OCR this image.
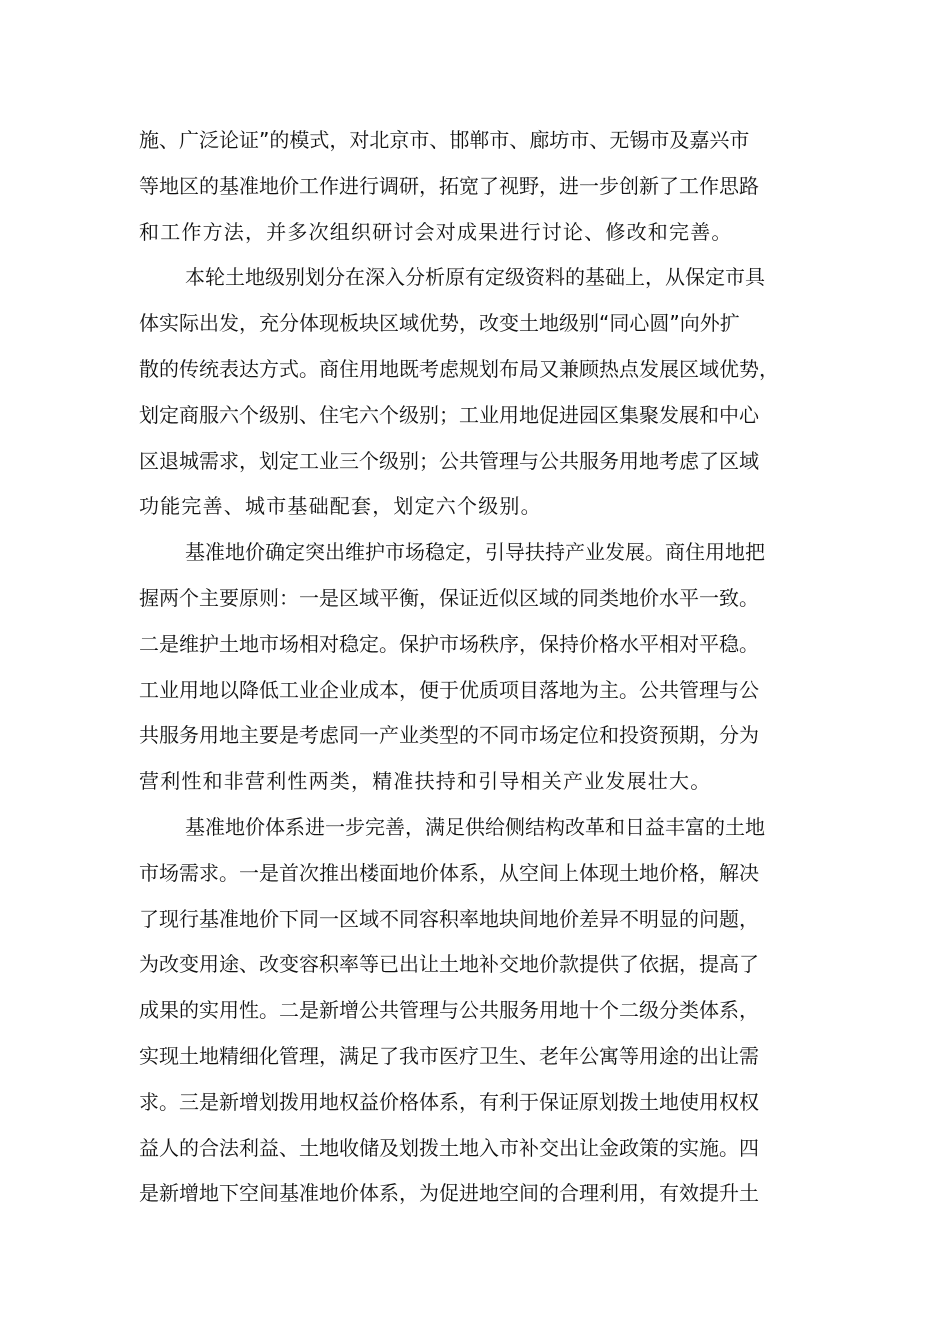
施、广泛论证”的模式，对北京市、邯郸市、廊坊市、无锡市及嘉兴市
等地区的基准地价工作进行调研，拓宽了视野，进一步创新了工作思路
和工作方法，并多次组织研讨会对成果进行讨论、修改和完善。
本轮土地级别划分在深入分析原有定级资料的基础上，从保定市具
体实际出发，充分体现板块区域优势，改变土地级别“同心圆”向外扩
散的传统表达方式。商住用地既考虑规划布局又兼顾热点发展区域优势，
划定商服六个级别、住宅六个级别；工业用地促进园区集聚发展和中心
区退城需求，划定工业三个级别；公共管理与公共服务用地考虑了区域
功能完善、城市基础配套，划定六个级别。
基准地价确定突出维护市场稳定，引导扶持产业发展。商住用地把
握两个主要原则：一是区域平衡，保证近似区域的同类地价水平一致。
二是维护土地市场相对稳定。保护市场秩序，保持价格水平相对平稳。
工业用地以降低工业企业成本，便于优质项目落地为主。公共管理与公
共服务用地主要是考虑同一产业类型的不同市场定位和投资预期，分为
营利性和非营利性两类，精准扶持和引导相关产业发展壮大。
基准地价体系进一步完善，满足供给侧结构改革和日益丰富的土地
市场需求。一是首次推出楼面地价体系，从空间上体现土地价格，解决
了现行基准地价下同一区域不同容积率地块间地价差异不明显的问题，
为改变用途、改变容积率等已出让土地补交地价款提供了依据，提高了
成果的实用性。二是新增公共管理与公共服务用地十个二级分类体系，
实现土地精细化管理，满足了我市医疗卫生、老年公寓等用途的出让需
求。三是新增划拨用地权益价格体系，有利于保证原划拨土地使用权权
益人的合法利益、土地收储及划拨土地入市补交出让金政策的实施。四
是新增地下空间基准地价体系，为促进地空间的合理利用，有效提升土
